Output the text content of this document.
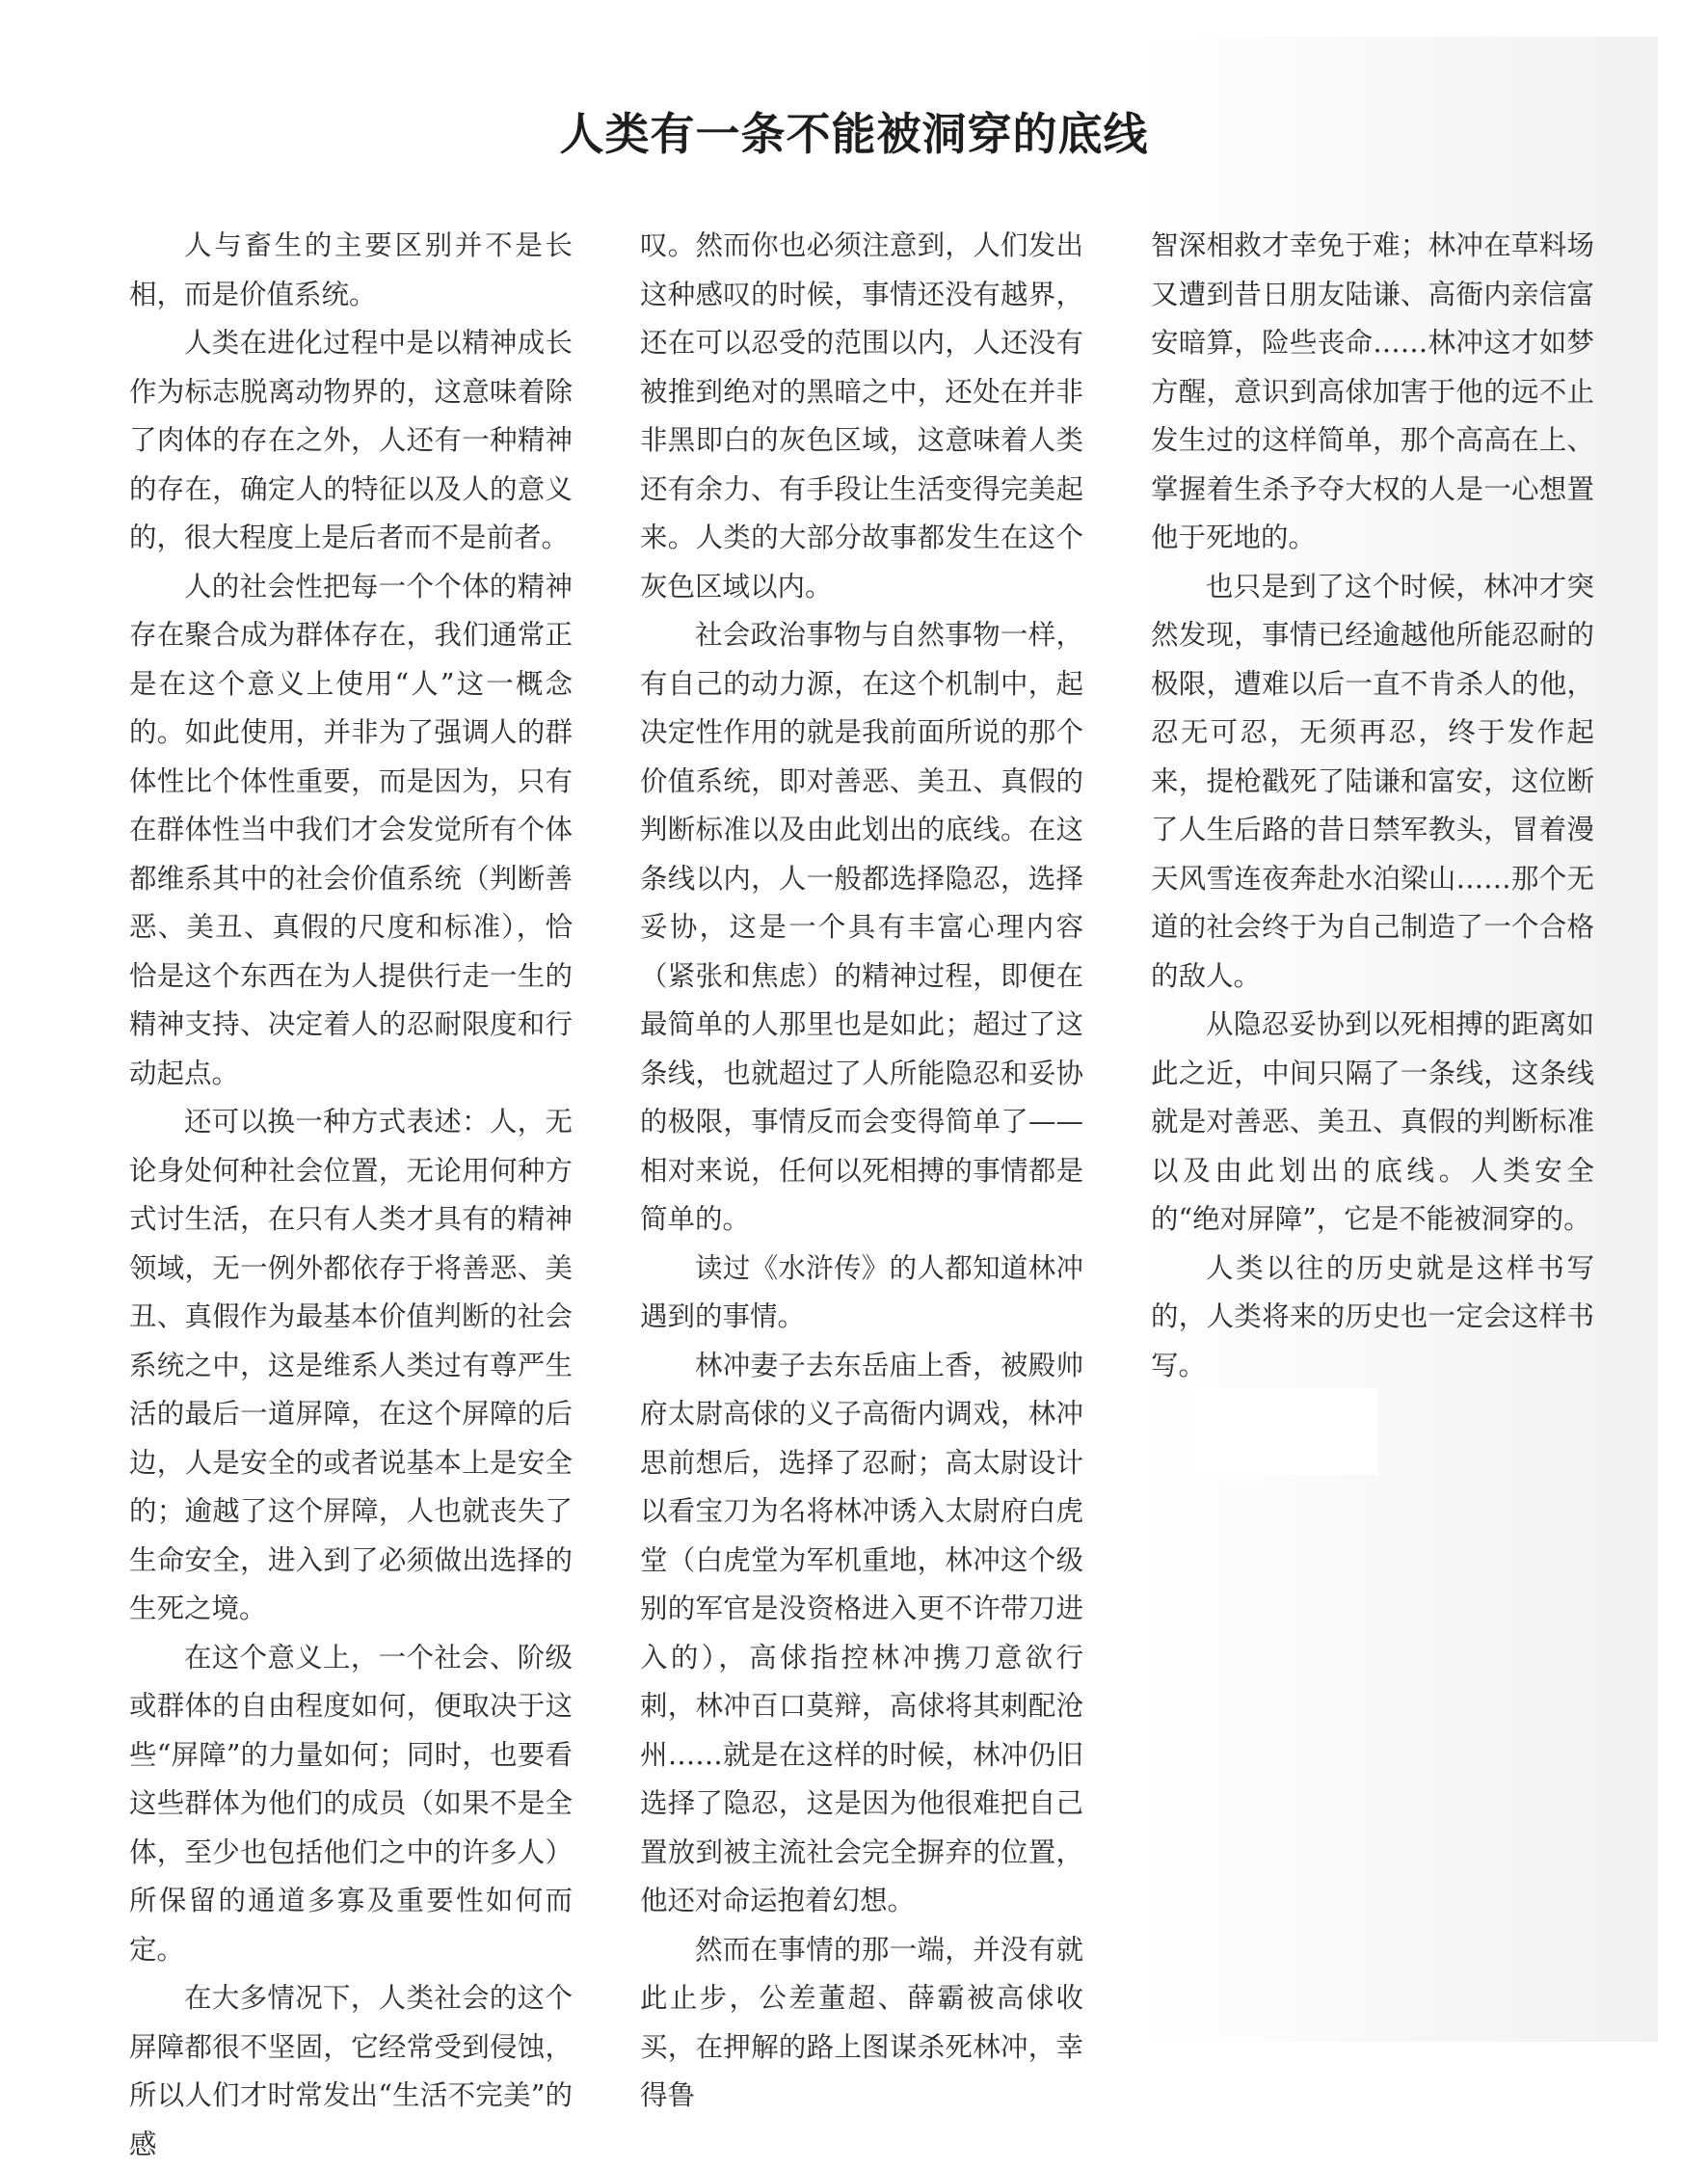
人类有一条不能被洞穿的底线

人与畜生的主要区别并不是长相，而是价值系统。

人类在进化过程中是以精神成长作为标志脱离动物界的，这意味着除了肉体的存在之外，人还有一种精神的存在，确定人的特征以及人的意义的，很大程度上是后者而不是前者。

人的社会性把每一个个体的精神存在聚合成为群体存在，我们通常正是在这个意义上使用“人”这一概念的。如此使用，并非为了强调人的群体性比个体性重要，而是因为，只有在群体性当中我们才会发觉所有个体都维系其中的社会价值系统（判断善恶、美丑、真假的尺度和标准），恰恰是这个东西在为人提供行走一生的精神支持、决定着人的忍耐限度和行动起点。

还可以换一种方式表述：人，无论身处何种社会位置，无论用何种方式讨生活，在只有人类才具有的精神领域，无一例外都依存于将善恶、美丑、真假作为最基本价值判断的社会系统之中，这是维系人类过有尊严生活的最后一道屏障，在这个屏障的后边，人是安全的或者说基本上是安全的；逾越了这个屏障，人也就丧失了生命安全，进入到了必须做出选择的生死之境。

在这个意义上，一个社会、阶级或群体的自由程度如何，便取决于这些“屏障”的力量如何；同时，也要看这些群体为他们的成员（如果不是全体，至少也包括他们之中的许多人）所保留的通道多寡及重要性如何而定。

在大多情况下，人类社会的这个屏障都很不坚固，它经常受到侵蚀，所以人们才时常发出“生活不完美”的感

叹。然而你也必须注意到，人们发出这种感叹的时候，事情还没有越界，还在可以忍受的范围以内，人还没有被推到绝对的黑暗之中，还处在并非非黑即白的灰色区域，这意味着人类还有余力、有手段让生活变得完美起来。人类的大部分故事都发生在这个灰色区域以内。

社会政治事物与自然事物一样，有自己的动力源，在这个机制中，起决定性作用的就是我前面所说的那个价值系统，即对善恶、美丑、真假的判断标准以及由此划出的底线。在这条线以内，人一般都选择隐忍，选择妥协，这是一个具有丰富心理内容（紧张和焦虑）的精神过程，即便在最简单的人那里也是如此；超过了这条线，也就超过了人所能隐忍和妥协的极限，事情反而会变得简单了——相对来说，任何以死相搏的事情都是简单的。

读过《水浒传》的人都知道林冲遇到的事情。

林冲妻子去东岳庙上香，被殿帅府太尉高俅的义子高衙内调戏，林冲思前想后，选择了忍耐；高太尉设计以看宝刀为名将林冲诱入太尉府白虎堂（白虎堂为军机重地，林冲这个级别的军官是没资格进入更不许带刀进入的），高俅指控林冲携刀意欲行刺，林冲百口莫辩，高俅将其刺配沧州……就是在这样的时候，林冲仍旧选择了隐忍，这是因为他很难把自己置放到被主流社会完全摒弃的位置，他还对命运抱着幻想。

然而在事情的那一端，并没有就此止步，公差董超、薛霸被高俅收买，在押解的路上图谋杀死林冲，幸得鲁

智深相救才幸免于难；林冲在草料场又遭到昔日朋友陆谦、高衙内亲信富安暗算，险些丧命……林冲这才如梦方醒，意识到高俅加害于他的远不止发生过的这样简单，那个高高在上、掌握着生杀予夺大权的人是一心想置他于死地的。

也只是到了这个时候，林冲才突然发现，事情已经逾越他所能忍耐的极限，遭难以后一直不肯杀人的他，忍无可忍，无须再忍，终于发作起来，提枪戳死了陆谦和富安，这位断了人生后路的昔日禁军教头，冒着漫天风雪连夜奔赴水泊梁山……那个无道的社会终于为自己制造了一个合格的敌人。

从隐忍妥协到以死相搏的距离如此之近，中间只隔了一条线，这条线就是对善恶、美丑、真假的判断标准以及由此划出的底线。人类安全的“绝对屏障”，它是不能被洞穿的。

人类以往的历史就是这样书写的，人类将来的历史也一定会这样书写。
